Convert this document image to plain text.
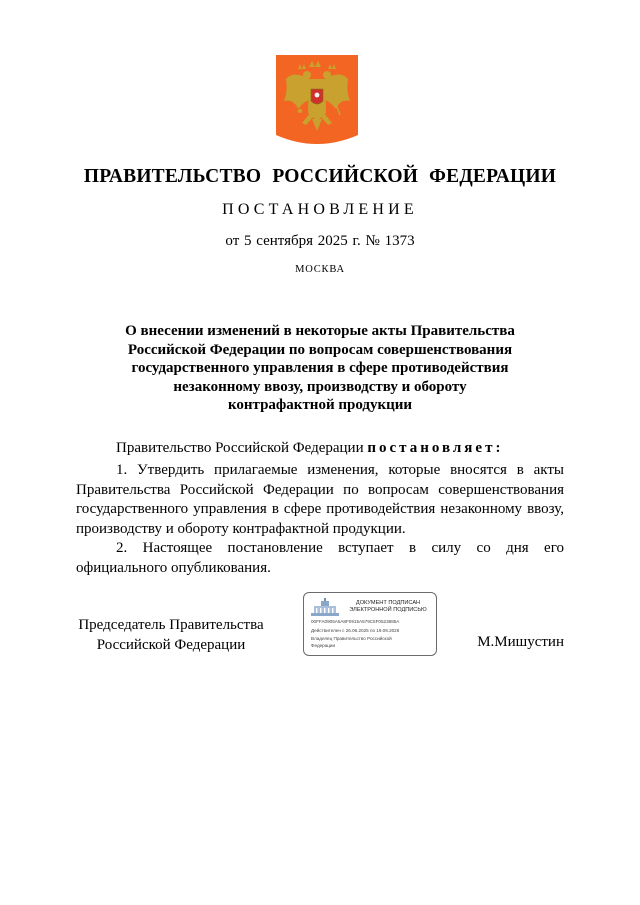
ПРАВИТЕЛЬСТВО РОССИЙСКОЙ ФЕДЕРАЦИИ
ПОСТАНОВЛЕНИЕ
от 5 сентября 2025 г. № 1373
МОСКВА
О внесении изменений в некоторые акты Правительства
Российской Федерации по вопросам совершенствования
государственного управления в сфере противодействия
незаконному ввозу, производству и обороту
контрафактной продукции
Правительство Российской Федерации постановляет:
1. Утвердить прилагаемые изменения, которые вносятся в акты
Правительства Российской Федерации по вопросам совершенствования
государственного управления в сфере противодействия незаконному ввозу,
производству и обороту контрафактной продукции.
2. Настоящее постановление вступает в силу со дня его
официального опубликования.
Председатель Правительства
Российской Федерации	М.Мишустин
ДОКУМЕНТ ПОДПИСАН
ЭЛЕКТРОННОЙ ПОДПИСЬЮ
00FFA0905A5A8F0915A579C5F0523885A
Действителен с 26.06.2025 по 19.09.2026
Владелец Правительство Российской
Федерации
